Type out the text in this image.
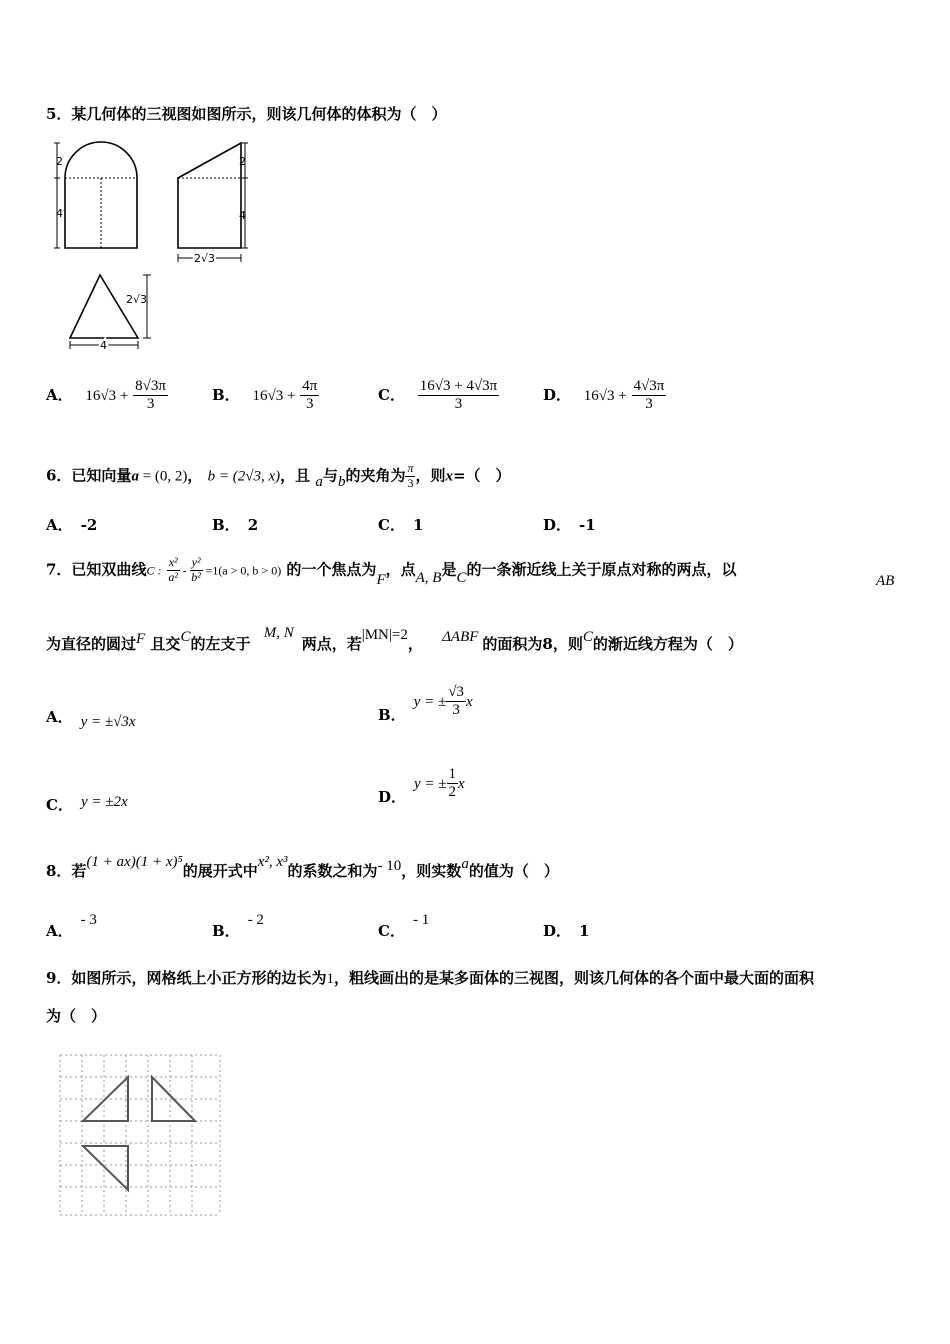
5．某几何体的三视图如图所示，则该几何体的体积为（　）
2
4
2
4
2√3
2√3
4
A． $16√3 + \frac{8√3\pi}{3}$	B． $16√3 + \frac{4\pi}{3}$	C． $\frac{16√3 + 4√3\pi}{3}$	D． $16√3 + \frac{4√3\pi}{3}$
6．已知向量a = (0, 2)， b = (2√3, x)，且 a与b的夹角为 $\frac{\pi}{3}$ ，则x=（　）
A． -2	B． 2	C． 1	D． -1
7．已知双曲线C : $\frac{\text{x²}}{\text{a²}} - \frac{\text{y²}}{\text{b²}} =1(a > 0$, b > 0) 的一个焦点为F，点A, B是C的一条渐近线上关于原点对称的两点，以
AB
为直径的圆过F 且交C的左支于 M, N两点，若|MN|=2， ΔABF 的面积为8，则C的渐近线方程为（　）
A． y = ±√3x	B．y = ± $\frac{√3}{3}$ x
C． y = ±2x	D．y = ± $\frac{1}{2}$ x
8．若(1 + ax)(1 + x)⁵的展开式中x², x³的系数之和为- 10，则实数a的值为（　）
A．- 3
B．- 2
C．- 1
D． 1
9．如图所示，网格纸上小正方形的边长为1，粗线画出的是某多面体的三视图，则该几何体的各个面中最大面的面积
为（　）
